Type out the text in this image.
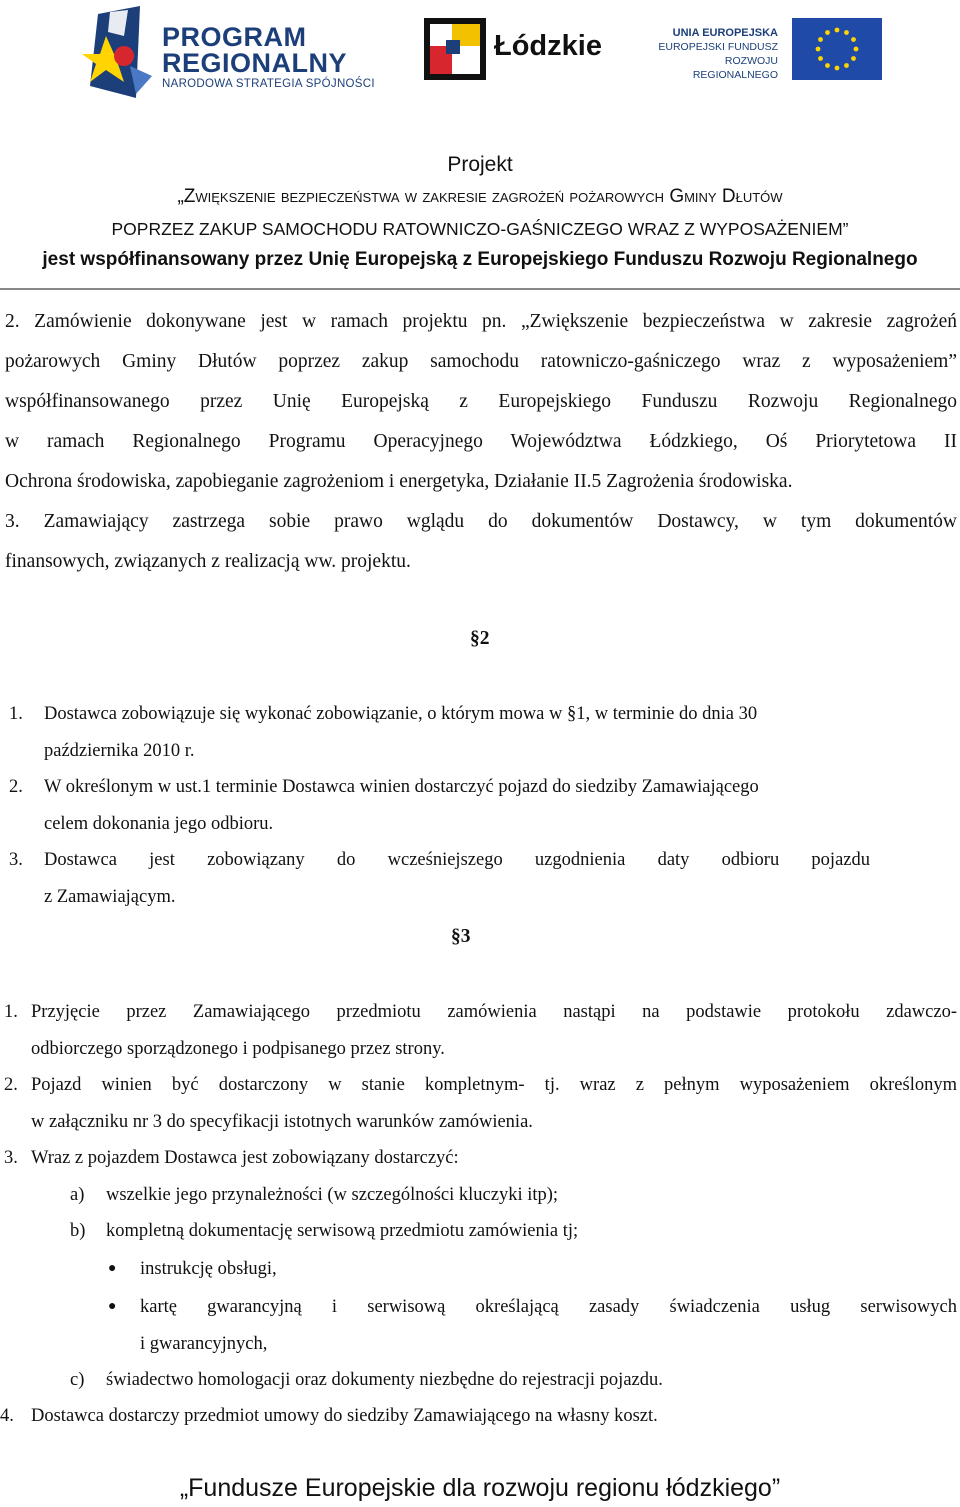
PROGRAM
REGIONALNY
NARODOWA STRATEGIA SPÓJNOŚCI
Łódzkie	UNIA EUROPEJSKA
EUROPEJSKI FUNDUSZ
ROZWOJU REGIONALNEGO
Projekt
„Zwiększenie bezpieczeństwa w zakresie zagrożeń pożarowych Gminy Dłutów
POPRZEZ ZAKUP SAMOCHODU RATOWNICZO-GAŚNICZEGO WRAZ Z WYPOSAŻENIEM”
jest współfinansowany przez Unię Europejską z Europejskiego Funduszu Rozwoju Regionalnego
2. Zamówienie dokonywane jest w ramach projektu pn. „Zwiększenie bezpieczeństwa w zakresie zagrożeń
pożarowych Gminy Dłutów poprzez zakup samochodu ratowniczo-gaśniczego wraz z wyposażeniem”
współfinansowanego przez Unię Europejską z Europejskiego Funduszu Rozwoju Regionalnego
w ramach Regionalnego Programu Operacyjnego Województwa Łódzkiego, Oś Priorytetowa II
Ochrona środowiska, zapobieganie zagrożeniom i energetyka, Działanie II.5 Zagrożenia środowiska.
3. Zamawiający zastrzega sobie prawo wglądu do dokumentów Dostawcy, w tym dokumentów
finansowych, związanych z realizacją ww. projektu.
§2
1. Dostawca zobowiązuje się wykonać zobowiązanie, o którym mowa w §1, w terminie do dnia 30
października 2010 r.
2. W określonym w ust.1 terminie Dostawca winien dostarczyć pojazd do siedziby Zamawiającego
celem dokonania jego odbioru.
3. Dostawca jest zobowiązany do wcześniejszego uzgodnienia daty odbioru pojazdu
z Zamawiającym.
§3
1. Przyjęcie przez Zamawiającego przedmiotu zamówienia nastąpi na podstawie protokołu zdawczo-
odbiorczego sporządzonego i podpisanego przez strony.
2. Pojazd winien być dostarczony w stanie kompletnym- tj. wraz z pełnym wyposażeniem określonym
w załączniku nr 3 do specyfikacji istotnych warunków zamówienia.
3. Wraz z pojazdem Dostawca jest zobowiązany dostarczyć:
a) wszelkie jego przynależności (w szczególności kluczyki itp);
b) kompletną dokumentację serwisową przedmiotu zamówienia tj;
● instrukcję obsługi,
● kartę gwarancyjną i serwisową określającą zasady świadczenia usług serwisowych
i gwarancyjnych,
c) świadectwo homologacji oraz dokumenty niezbędne do rejestracji pojazdu.
4. Dostawca dostarczy przedmiot umowy do siedziby Zamawiającego na własny koszt.
„Fundusze Europejskie dla rozwoju regionu łódzkiego”
